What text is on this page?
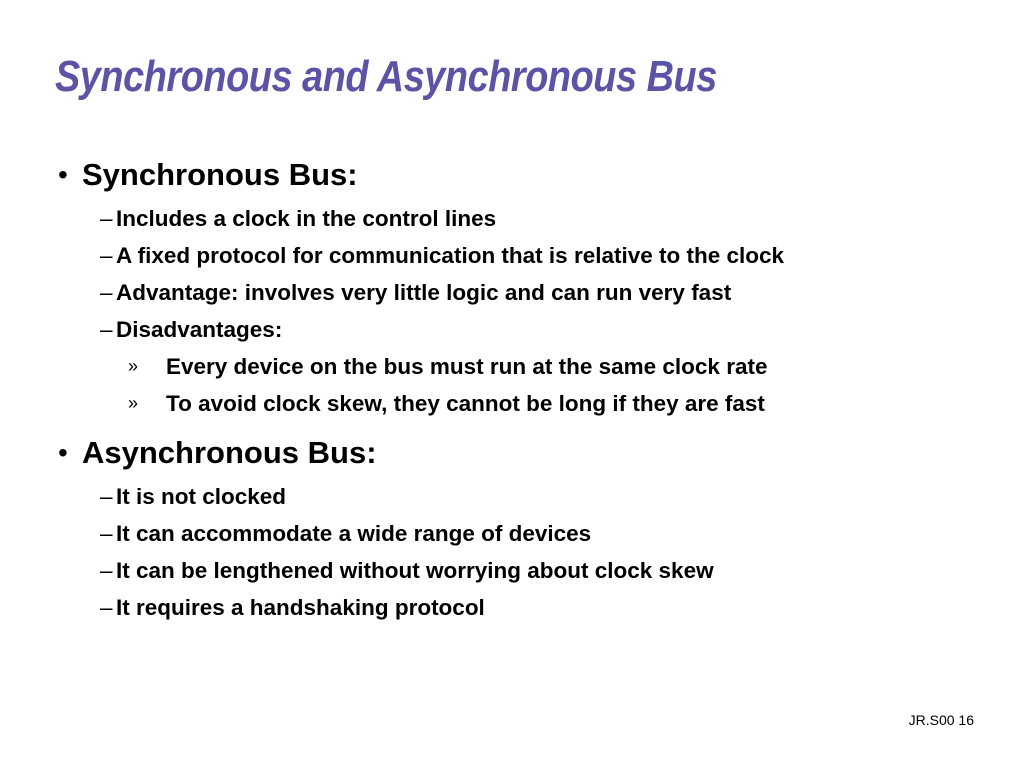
Synchronous and Asynchronous Bus
• Synchronous Bus:
– Includes a clock in the control lines
– A fixed protocol for communication that is relative to the clock
– Advantage: involves very little logic and can run very fast
– Disadvantages:
» Every device on the bus must run at the same clock rate
» To avoid clock skew, they cannot be long if they are fast
• Asynchronous Bus:
– It is not clocked
– It can accommodate a wide range of devices
– It can be lengthened without worrying about clock skew
– It requires a handshaking protocol
JR.S00 16
